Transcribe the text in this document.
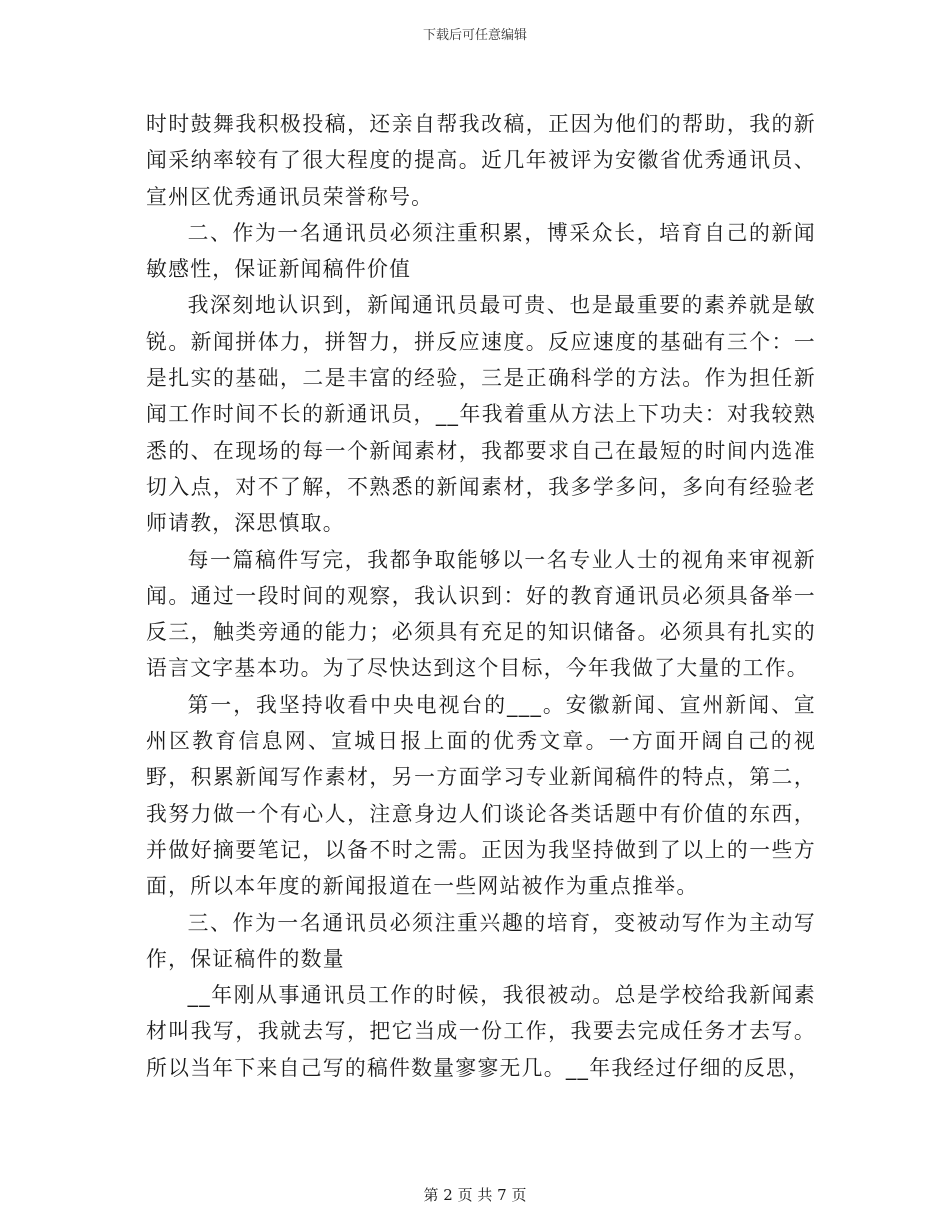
下载后可任意编辑

时时鼓舞我积极投稿，还亲自帮我改稿，正因为他们的帮助，我的新闻采纳率较有了很大程度的提高。近几年被评为安徽省优秀通讯员、宣州区优秀通讯员荣誉称号。

二、作为一名通讯员必须注重积累，博采众长，培育自己的新闻敏感性，保证新闻稿件价值

我深刻地认识到，新闻通讯员最可贵、也是最重要的素养就是敏锐。新闻拼体力，拼智力，拼反应速度。反应速度的基础有三个：一是扎实的基础，二是丰富的经验，三是正确科学的方法。作为担任新闻工作时间不长的新通讯员，__年我着重从方法上下功夫：对我较熟悉的、在现场的每一个新闻素材，我都要求自己在最短的时间内选准切入点，对不了解，不熟悉的新闻素材，我多学多问，多向有经验老师请教，深思慎取。

每一篇稿件写完，我都争取能够以一名专业人士的视角来审视新闻。通过一段时间的观察，我认识到：好的教育通讯员必须具备举一反三，触类旁通的能力；必须具有充足的知识储备。必须具有扎实的语言文字基本功。为了尽快达到这个目标，今年我做了大量的工作。

第一，我坚持收看中央电视台的___。安徽新闻、宣州新闻、宣州区教育信息网、宣城日报上面的优秀文章。一方面开阔自己的视野，积累新闻写作素材，另一方面学习专业新闻稿件的特点，第二，我努力做一个有心人，注意身边人们谈论各类话题中有价值的东西，并做好摘要笔记，以备不时之需。正因为我坚持做到了以上的一些方面，所以本年度的新闻报道在一些网站被作为重点推举。

三、作为一名通讯员必须注重兴趣的培育，变被动写作为主动写作，保证稿件的数量

__年刚从事通讯员工作的时候，我很被动。总是学校给我新闻素材叫我写，我就去写，把它当成一份工作，我要去完成任务才去写。所以当年下来自己写的稿件数量寥寥无几。__年我经过仔细的反思，

第 2 页 共 7 页
